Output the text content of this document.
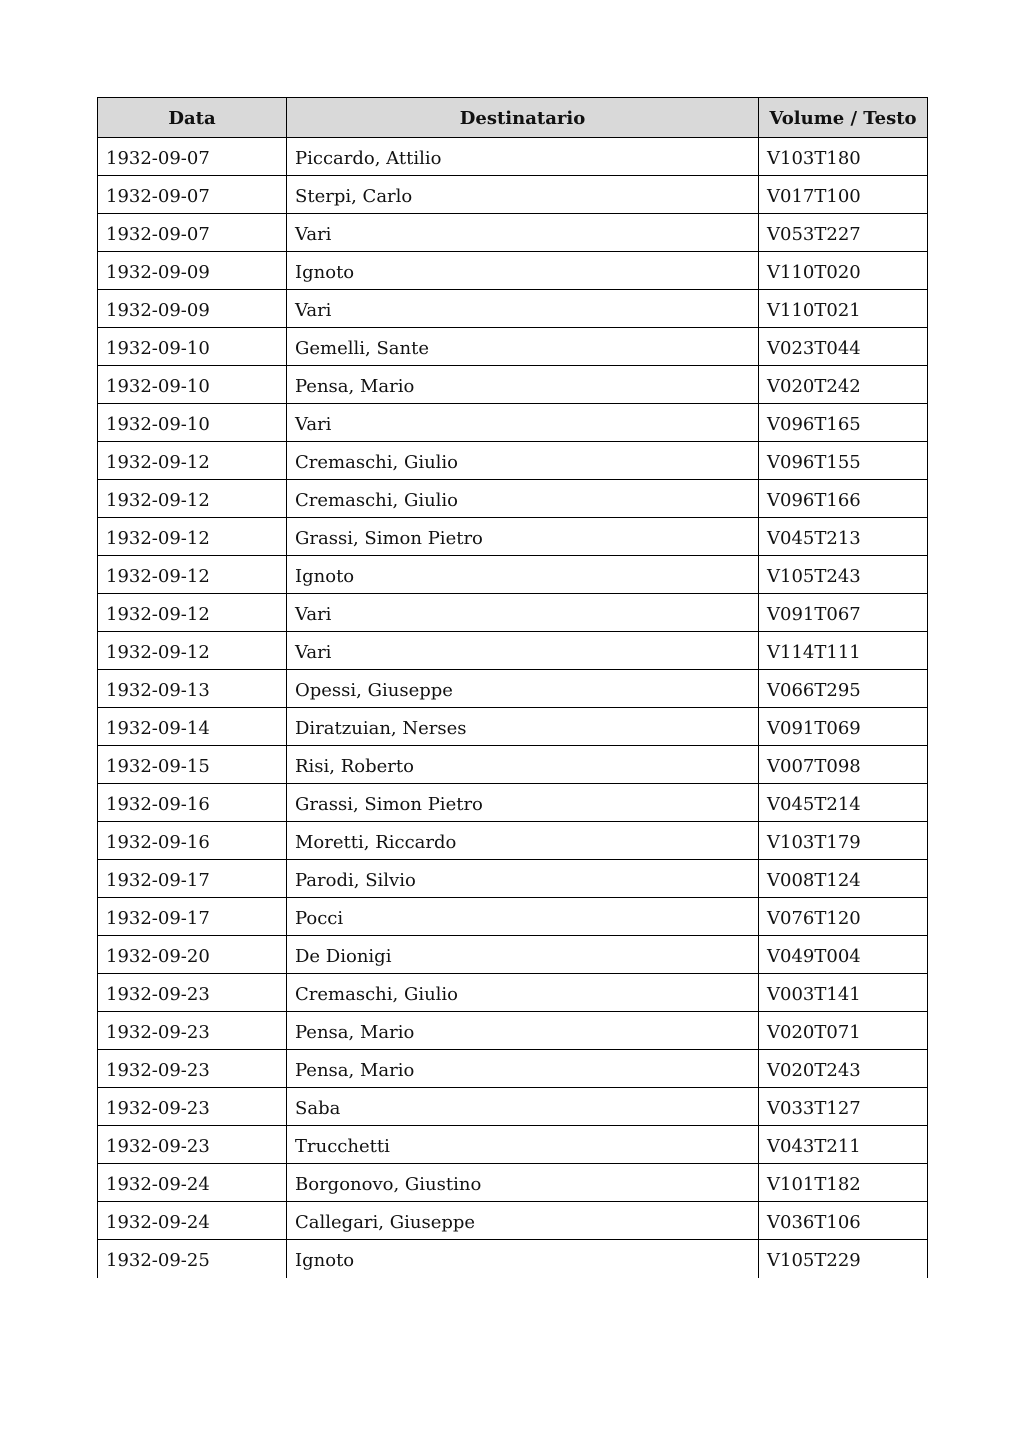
Data	Destinatario	Volume / Testo
1932-09-07	Piccardo, Attilio	V103T180
1932-09-07	Sterpi, Carlo	V017T100
1932-09-07	Vari	V053T227
1932-09-09	Ignoto	V110T020
1932-09-09	Vari	V110T021
1932-09-10	Gemelli, Sante	V023T044
1932-09-10	Pensa, Mario	V020T242
1932-09-10	Vari	V096T165
1932-09-12	Cremaschi, Giulio	V096T155
1932-09-12	Cremaschi, Giulio	V096T166
1932-09-12	Grassi, Simon Pietro	V045T213
1932-09-12	Ignoto	V105T243
1932-09-12	Vari	V091T067
1932-09-12	Vari	V114T111
1932-09-13	Opessi, Giuseppe	V066T295
1932-09-14	Diratzuian, Nerses	V091T069
1932-09-15	Risi, Roberto	V007T098
1932-09-16	Grassi, Simon Pietro	V045T214
1932-09-16	Moretti, Riccardo	V103T179
1932-09-17	Parodi, Silvio	V008T124
1932-09-17	Pocci	V076T120
1932-09-20	De Dionigi	V049T004
1932-09-23	Cremaschi, Giulio	V003T141
1932-09-23	Pensa, Mario	V020T071
1932-09-23	Pensa, Mario	V020T243
1932-09-23	Saba	V033T127
1932-09-23	Trucchetti	V043T211
1932-09-24	Borgonovo, Giustino	V101T182
1932-09-24	Callegari, Giuseppe	V036T106
1932-09-25	Ignoto	V105T229
